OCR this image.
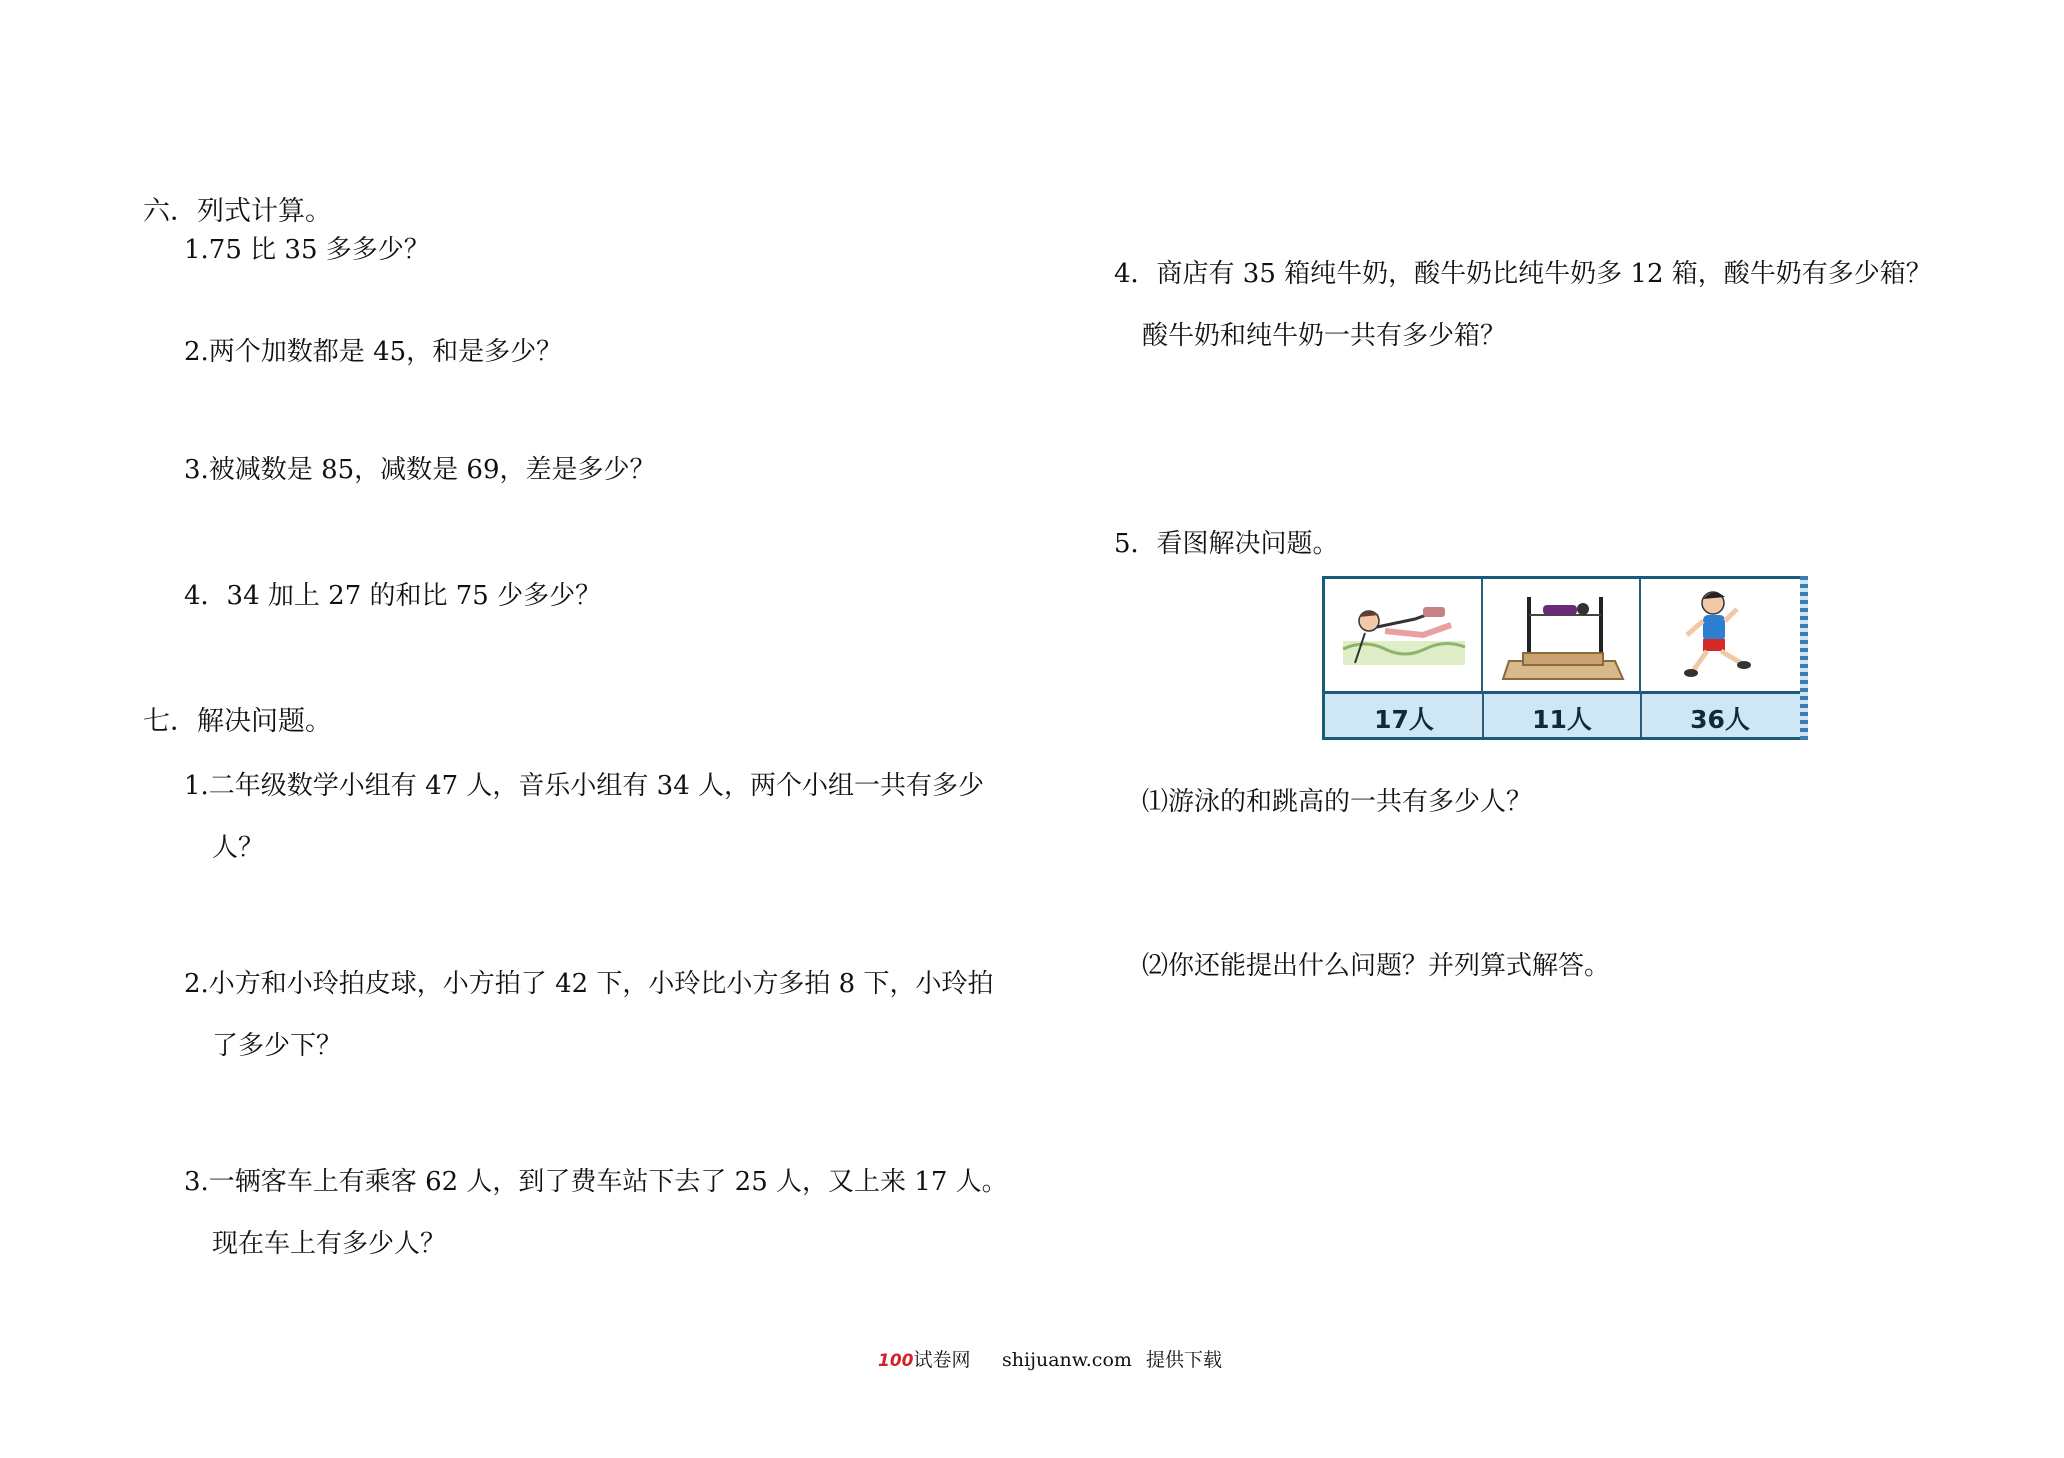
六．列式计算。
1.75 比 35 多多少？
2.两个加数都是 45，和是多少？
3.被减数是 85，减数是 69，差是多少？
4．34 加上 27 的和比 75 少多少？
七．解决问题。
1.二年级数学小组有 47 人，音乐小组有 34 人，两个小组一共有多少
人？
2.小方和小玲拍皮球，小方拍了 42 下，小玲比小方多拍 8 下，小玲拍
了多少下？
3.一辆客车上有乘客 62 人，到了费车站下去了 25 人，又上来 17 人。
现在车上有多少人？
4．商店有 35 箱纯牛奶，酸牛奶比纯牛奶多 12 箱，酸牛奶有多少箱？
酸牛奶和纯牛奶一共有多少箱？
5．看图解决问题。
17人	11人	36人
⑴游泳的和跳高的一共有多少人？
⑵你还能提出什么问题？并列算式解答。
100试卷网 shijuanw.com 提供下载
